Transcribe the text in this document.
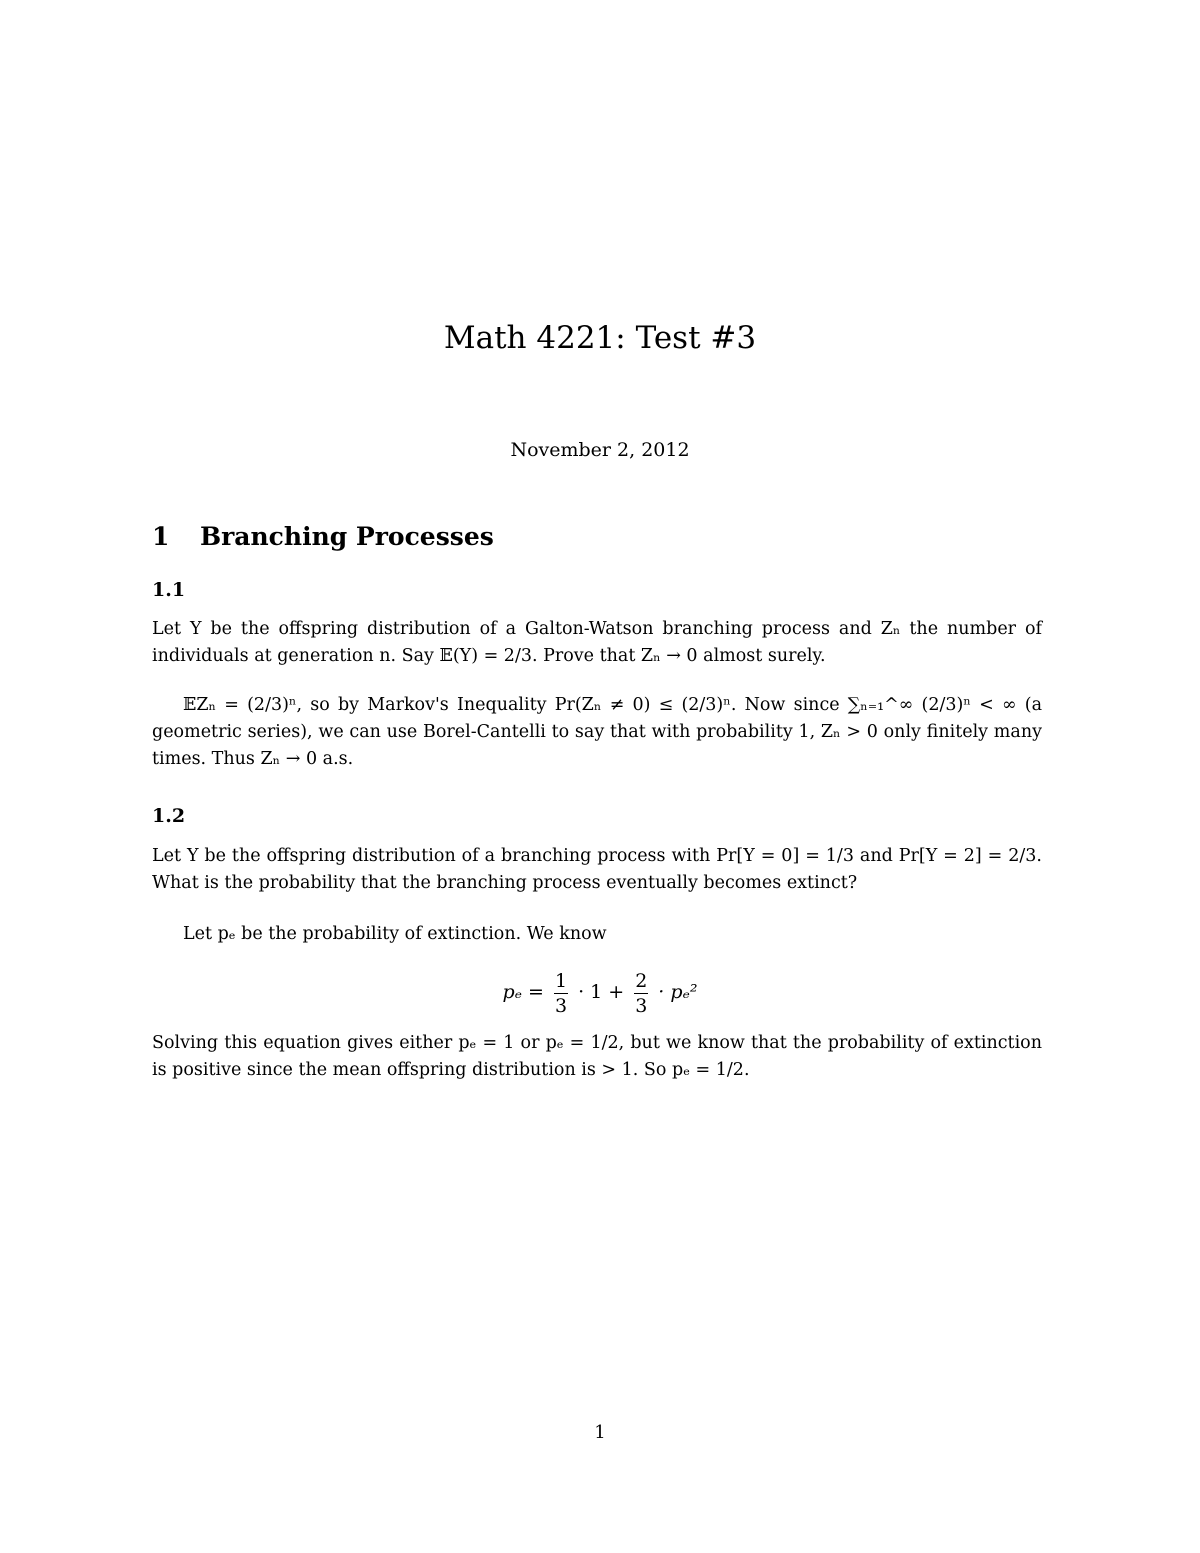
Math 4221: Test #3
November 2, 2012
1 Branching Processes
1.1

Let Y be the offspring distribution of a Galton-Watson branching process and Zₙ the number of individuals at generation n. Say 𝔼(Y) = 2/3. Prove that Zₙ → 0 almost surely.

𝔼Zₙ = (2/3)ⁿ, so by Markov's Inequality Pr(Zₙ ≠ 0) ≤ (2/3)ⁿ. Now since ∑ₙ₌₁^∞ (2/3)ⁿ < ∞ (a geometric series), we can use Borel-Cantelli to say that with probability 1, Zₙ > 0 only finitely many times. Thus Zₙ → 0 a.s.

1.2

Let Y be the offspring distribution of a branching process with Pr[Y = 0] = 1/3 and Pr[Y = 2] = 2/3. What is the probability that the branching process eventually becomes extinct?

Let pₑ be the probability of extinction. We know

$p_e = \frac{1}{3} \cdot 1 + \frac{2}{3} \cdot p_e^2$

Solving this equation gives either pₑ = 1 or pₑ = 1/2, but we know that the probability of extinction is positive since the mean offspring distribution is > 1. So pₑ = 1/2.

1
